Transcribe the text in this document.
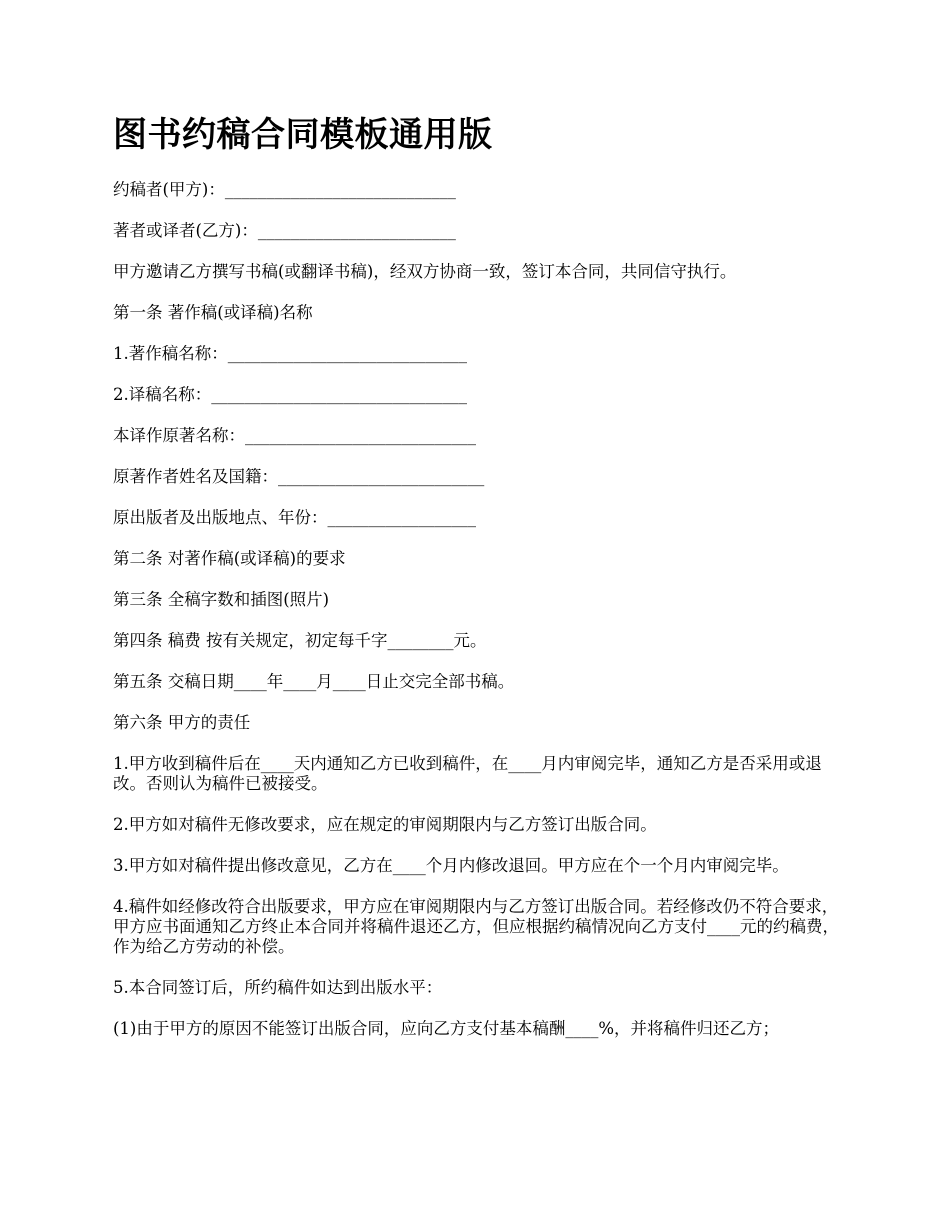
图书约稿合同模板通用版

约稿者(甲方)：____________________________

著者或译者(乙方)：________________________

甲方邀请乙方撰写书稿(或翻译书稿)，经双方协商一致，签订本合同，共同信守执行。

第一条 著作稿(或译稿)名称

1.著作稿名称：_____________________________

2.译稿名称：_______________________________

本译作原著名称：____________________________

原著作者姓名及国籍：_________________________

原出版者及出版地点、年份：__________________

第二条 对著作稿(或译稿)的要求

第三条 全稿字数和插图(照片)

第四条 稿费 按有关规定，初定每千字________元。

第五条 交稿日期____年____月____日止交完全部书稿。

第六条 甲方的责任

1.甲方收到稿件后在____天内通知乙方已收到稿件，在____月内审阅完毕，通知乙方是否采用或退改。否则认为稿件已被接受。

2.甲方如对稿件无修改要求，应在规定的审阅期限内与乙方签订出版合同。

3.甲方如对稿件提出修改意见，乙方在____个月内修改退回。甲方应在个一个月内审阅完毕。

4.稿件如经修改符合出版要求，甲方应在审阅期限内与乙方签订出版合同。若经修改仍不符合要求，甲方应书面通知乙方终止本合同并将稿件退还乙方，但应根据约稿情况向乙方支付____元的约稿费，作为给乙方劳动的补偿。

5.本合同签订后，所约稿件如达到出版水平：

(1)由于甲方的原因不能签订出版合同，应向乙方支付基本稿酬____%，并将稿件归还乙方；
